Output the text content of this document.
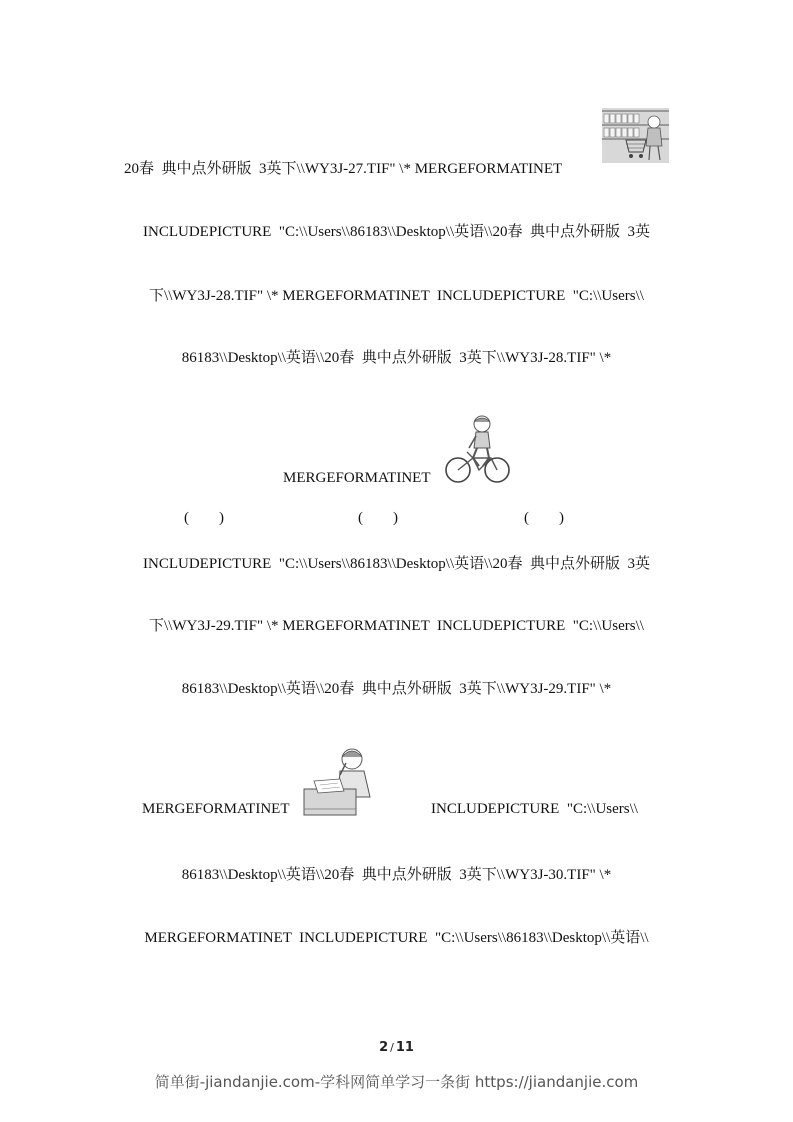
20春  典中点外研版  3英下\\WY3J-27.TIF" \* MERGEFORMATINET
INCLUDEPICTURE  "C:\\Users\\86183\\Desktop\\英语\\20春  典中点外研版  3英
下\\WY3J-28.TIF" \* MERGEFORMATINET  INCLUDEPICTURE  "C:\\Users\\
86183\\Desktop\\英语\\20春  典中点外研版  3英下\\WY3J-28.TIF" \*
MERGEFORMATINET
(        )	(        )	(        )
INCLUDEPICTURE  "C:\\Users\\86183\\Desktop\\英语\\20春  典中点外研版  3英
下\\WY3J-29.TIF" \* MERGEFORMATINET  INCLUDEPICTURE  "C:\\Users\\
86183\\Desktop\\英语\\20春  典中点外研版  3英下\\WY3J-29.TIF" \*
MERGEFORMATINET	INCLUDEPICTURE  "C:\\Users\\
86183\\Desktop\\英语\\20春  典中点外研版  3英下\\WY3J-30.TIF" \*
MERGEFORMATINET  INCLUDEPICTURE  "C:\\Users\\86183\\Desktop\\英语\\
2 / 11
简单街-jiandanjie.com-学科网简单学习一条街 https://jiandanjie.com
